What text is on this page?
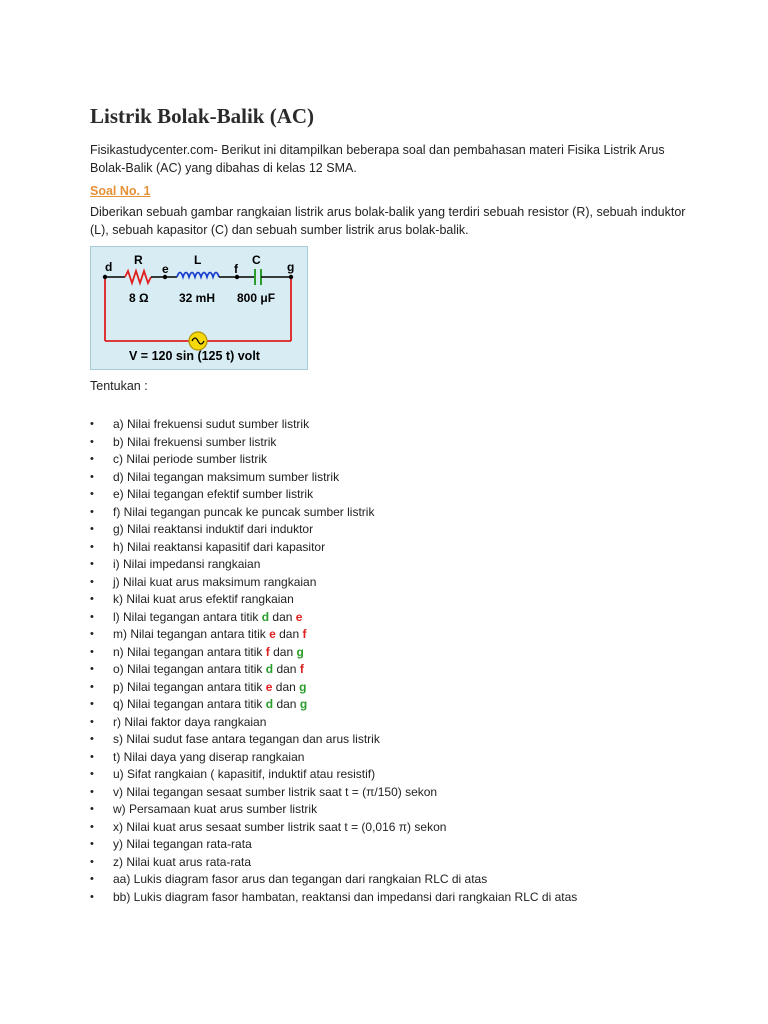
Listrik Bolak-Balik (AC)

Fisikastudycenter.com- Berikut ini ditampilkan beberapa soal dan pembahasan materi Fisika Listrik Arus Bolak-Balik (AC) yang dibahas di kelas 12 SMA.

Soal No. 1

Diberikan sebuah gambar rangkaian listrik arus bolak-balik yang terdiri sebuah resistor (R), sebuah induktor (L), sebuah kapasitor (C) dan sebuah sumber listrik arus bolak-balik.

d	e	f	g
R	L	C
8 Ω	32 mH 800 μF
V = 120 sin (125 t) volt

Tentukan :

• a) Nilai frekuensi sudut sumber listrik
• b) Nilai frekuensi sumber listrik
• c) Nilai periode sumber listrik
• d) Nilai tegangan maksimum sumber listrik
• e) Nilai tegangan efektif sumber listrik
• f) Nilai tegangan puncak ke puncak sumber listrik
• g) Nilai reaktansi induktif dari induktor
• h) Nilai reaktansi kapasitif dari kapasitor
• i) Nilai impedansi rangkaian
• j) Nilai kuat arus maksimum rangkaian
• k) Nilai kuat arus efektif rangkaian
• l) Nilai tegangan antara titik d dan e
• m) Nilai tegangan antara titik e dan f
• n) Nilai tegangan antara titik f dan g
• o) Nilai tegangan antara titik d dan f
• p) Nilai tegangan antara titik e dan g
• q) Nilai tegangan antara titik d dan g
• r) Nilai faktor daya rangkaian
• s) Nilai sudut fase antara tegangan dan arus listrik
• t) Nilai daya yang diserap rangkaian
• u) Sifat rangkaian ( kapasitif, induktif atau resistif)
• v) Nilai tegangan sesaat sumber listrik saat t = (π/150) sekon
• w) Persamaan kuat arus sumber listrik
• x) Nilai kuat arus sesaat sumber listrik saat t = (0,016 π) sekon
• y) Nilai tegangan rata-rata
• z) Nilai kuat arus rata-rata
• aa) Lukis diagram fasor arus dan tegangan dari rangkaian RLC di atas
• bb) Lukis diagram fasor hambatan, reaktansi dan impedansi dari rangkaian RLC di atas
